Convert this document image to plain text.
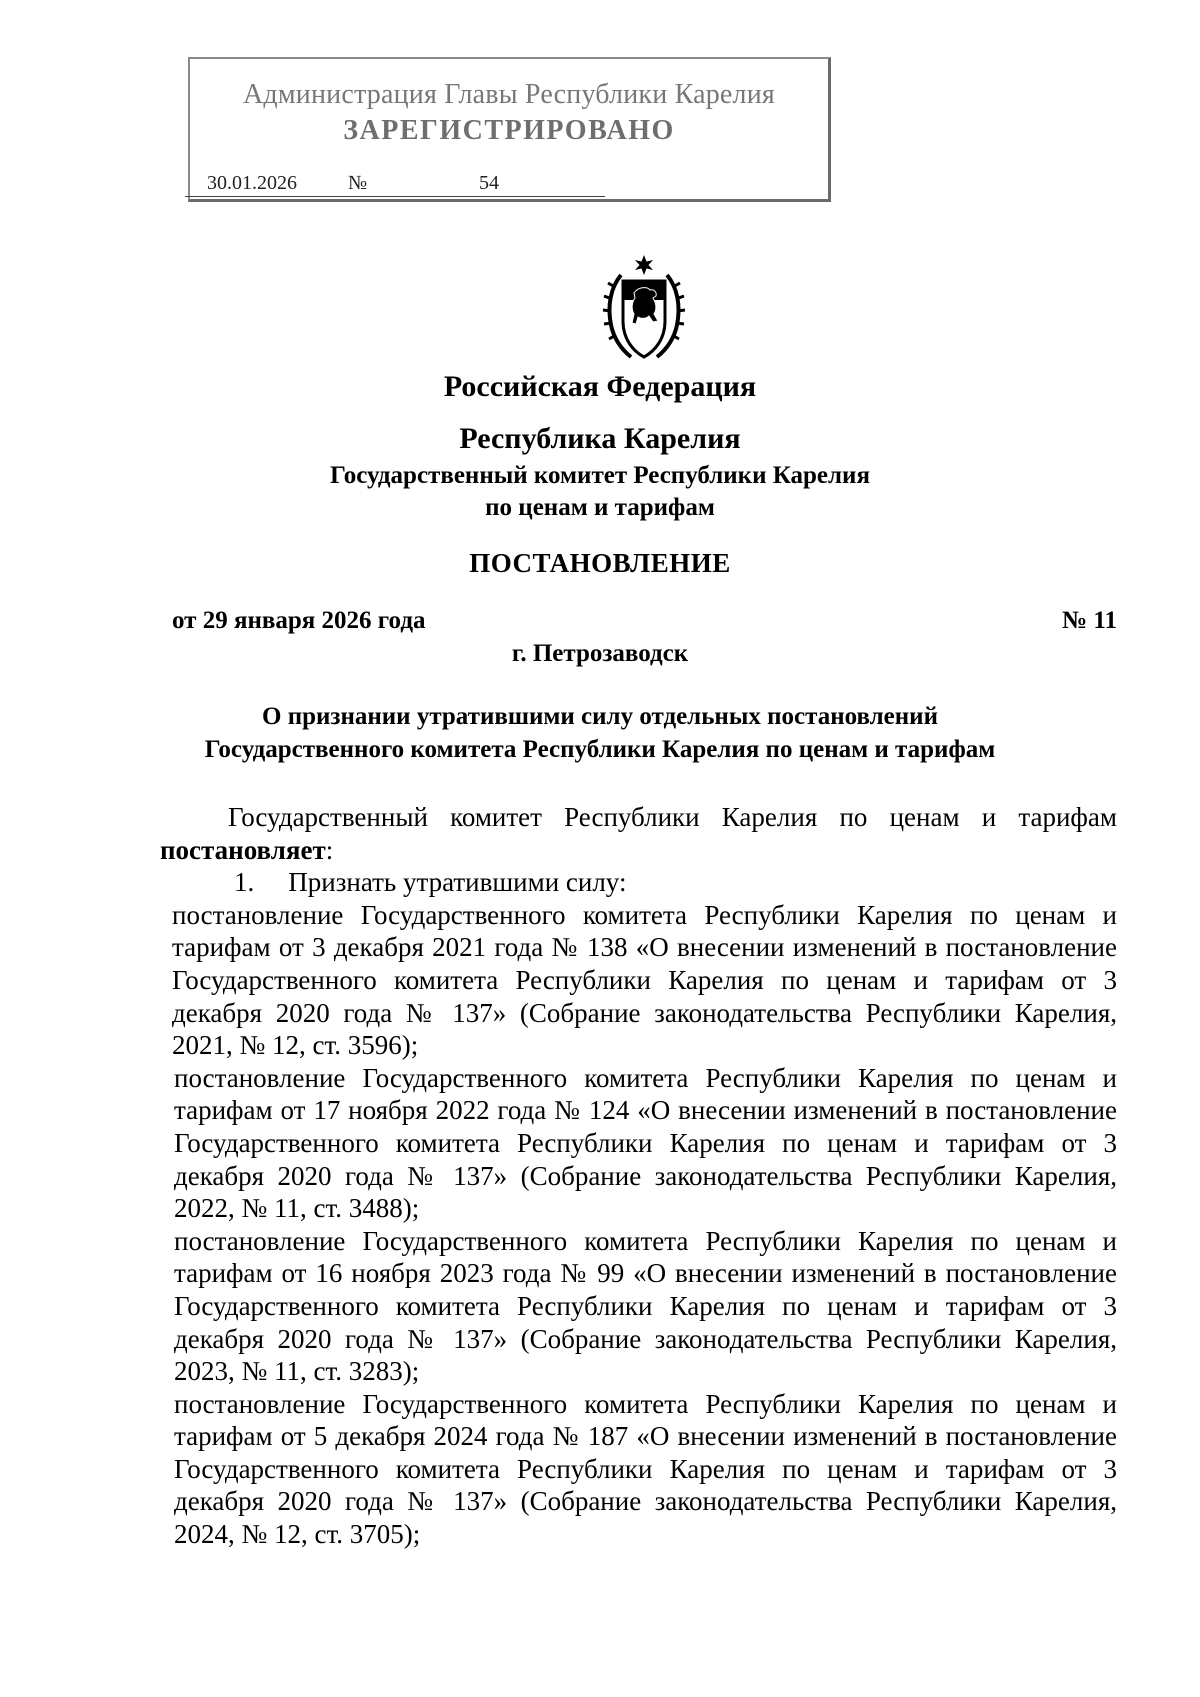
Администрация Главы Республики Карелия
ЗАРЕГИСТРИРОВАНО
30.01.2026	№	54
Российская Федерация
Республика Карелия
Государственный комитет Республики Карелия
по ценам и тарифам
ПОСТАНОВЛЕНИЕ
от 29 января 2026 года	№ 11
г. Петрозаводск
О признании утратившими силу отдельных постановлений
Государственного комитета Республики Карелия по ценам и тарифам

Государственный комитет Республики Карелия по ценам и тарифам постановляет:

1. Признать утратившими силу:

постановление Государственного комитета Республики Карелия по ценам и тарифам от 3 декабря 2021 года № 138 «О внесении изменений в постановление Государственного комитета Республики Карелия по ценам и тарифам от 3 декабря 2020 года № 137» (Собрание законодательства Республики Карелия, 2021, № 12, ст. 3596);

постановление Государственного комитета Республики Карелия по ценам и тарифам от 17 ноября 2022 года № 124 «О внесении изменений в постановление Государственного комитета Республики Карелия по ценам и тарифам от 3 декабря 2020 года № 137» (Собрание законодательства Республики Карелия, 2022, № 11, ст. 3488);

постановление Государственного комитета Республики Карелия по ценам и тарифам от 16 ноября 2023 года № 99 «О внесении изменений в постановление Государственного комитета Республики Карелия по ценам и тарифам от 3 декабря 2020 года № 137» (Собрание законодательства Республики Карелия, 2023, № 11, ст. 3283);

постановление Государственного комитета Республики Карелия по ценам и тарифам от 5 декабря 2024 года № 187 «О внесении изменений в постановление Государственного комитета Республики Карелия по ценам и тарифам от 3 декабря 2020 года № 137» (Собрание законодательства Республики Карелия, 2024, № 12, ст. 3705);
